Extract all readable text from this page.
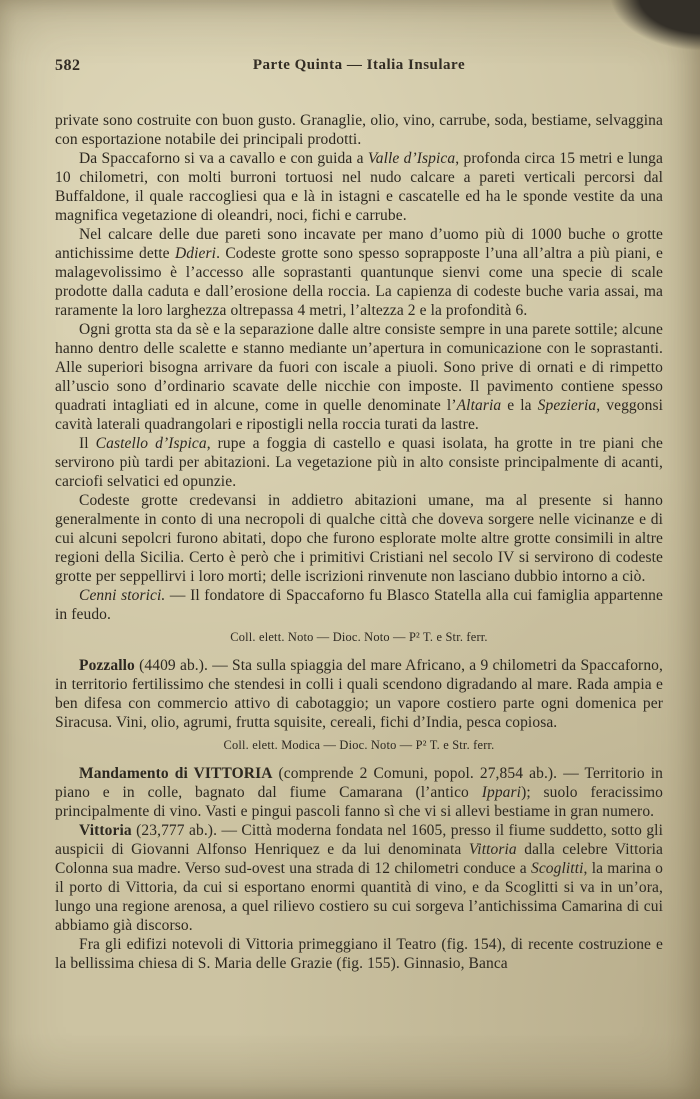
582	Parte Quinta — Italia Insulare

private sono costruite con buon gusto. Granaglie, olio, vino, carrube, soda, bestiame, selvaggina con esportazione notabile dei principali prodotti.

Da Spaccaforno si va a cavallo e con guida a Valle d’Ispica, profonda circa 15 metri e lunga 10 chilometri, con molti burroni tortuosi nel nudo calcare a pareti verticali percorsi dal Buffaldone, il quale raccogliesi qua e là in istagni e cascatelle ed ha le sponde vestite da una magnifica vegetazione di oleandri, noci, fichi e carrube.

Nel calcare delle due pareti sono incavate per mano d’uomo più di 1000 buche o grotte antichissime dette Ddieri. Codeste grotte sono spesso soprapposte l’una all’altra a più piani, e malagevolissimo è l’accesso alle soprastanti quantunque sienvi come una specie di scale prodotte dalla caduta e dall’erosione della roccia. La capienza di codeste buche varia assai, ma raramente la loro larghezza oltrepassa 4 metri, l’altezza 2 e la profondità 6.

Ogni grotta sta da sè e la separazione dalle altre consiste sempre in una parete sottile; alcune hanno dentro delle scalette e stanno mediante un’apertura in comunicazione con le soprastanti. Alle superiori bisogna arrivare da fuori con iscale a piuoli. Sono prive di ornati e di rimpetto all’uscio sono d’ordinario scavate delle nicchie con imposte. Il pavimento contiene spesso quadrati intagliati ed in alcune, come in quelle denominate l’Altaria e la Spezieria, veggonsi cavità laterali quadrangolari e ripostigli nella roccia turati da lastre.

Il Castello d’Ispica, rupe a foggia di castello e quasi isolata, ha grotte in tre piani che servirono più tardi per abitazioni. La vegetazione più in alto consiste principalmente di acanti, carciofi selvatici ed opunzie.

Codeste grotte credevansi in addietro abitazioni umane, ma al presente si hanno generalmente in conto di una necropoli di qualche città che doveva sorgere nelle vicinanze e di cui alcuni sepolcri furono abitati, dopo che furono esplorate molte altre grotte consimili in altre regioni della Sicilia. Certo è però che i primitivi Cristiani nel secolo IV si servirono di codeste grotte per seppellirvi i loro morti; delle iscrizioni rinvenute non lasciano dubbio intorno a ciò.

Cenni storici. — Il fondatore di Spaccaforno fu Blasco Statella alla cui famiglia appartenne in feudo.

Coll. elett. Noto — Dioc. Noto — P² T. e Str. ferr.

Pozzallo (4409 ab.). — Sta sulla spiaggia del mare Africano, a 9 chilometri da Spaccaforno, in territorio fertilissimo che stendesi in colli i quali scendono digradando al mare. Rada ampia e ben difesa con commercio attivo di cabotaggio; un vapore costiero parte ogni domenica per Siracusa. Vini, olio, agrumi, frutta squisite, cereali, fichi d’India, pesca copiosa.

Coll. elett. Modica — Dioc. Noto — P² T. e Str. ferr.

Mandamento di VITTORIA (comprende 2 Comuni, popol. 27,854 ab.). — Territorio in piano e in colle, bagnato dal fiume Camarana (l’antico Ippari); suolo feracissimo principalmente di vino. Vasti e pingui pascoli fanno sì che vi si allevi bestiame in gran numero.

Vittoria (23,777 ab.). — Città moderna fondata nel 1605, presso il fiume suddetto, sotto gli auspicii di Giovanni Alfonso Henriquez e da lui denominata Vittoria dalla celebre Vittoria Colonna sua madre. Verso sud-ovest una strada di 12 chilometri conduce a Scoglitti, la marina o il porto di Vittoria, da cui si esportano enormi quantità di vino, e da Scoglitti si va in un’ora, lungo una regione arenosa, a quel rilievo costiero su cui sorgeva l’antichissima Camarina di cui abbiamo già discorso.

Fra gli edifizi notevoli di Vittoria primeggiano il Teatro (fig. 154), di recente costruzione e la bellissima chiesa di S. Maria delle Grazie (fig. 155). Ginnasio, Banca
